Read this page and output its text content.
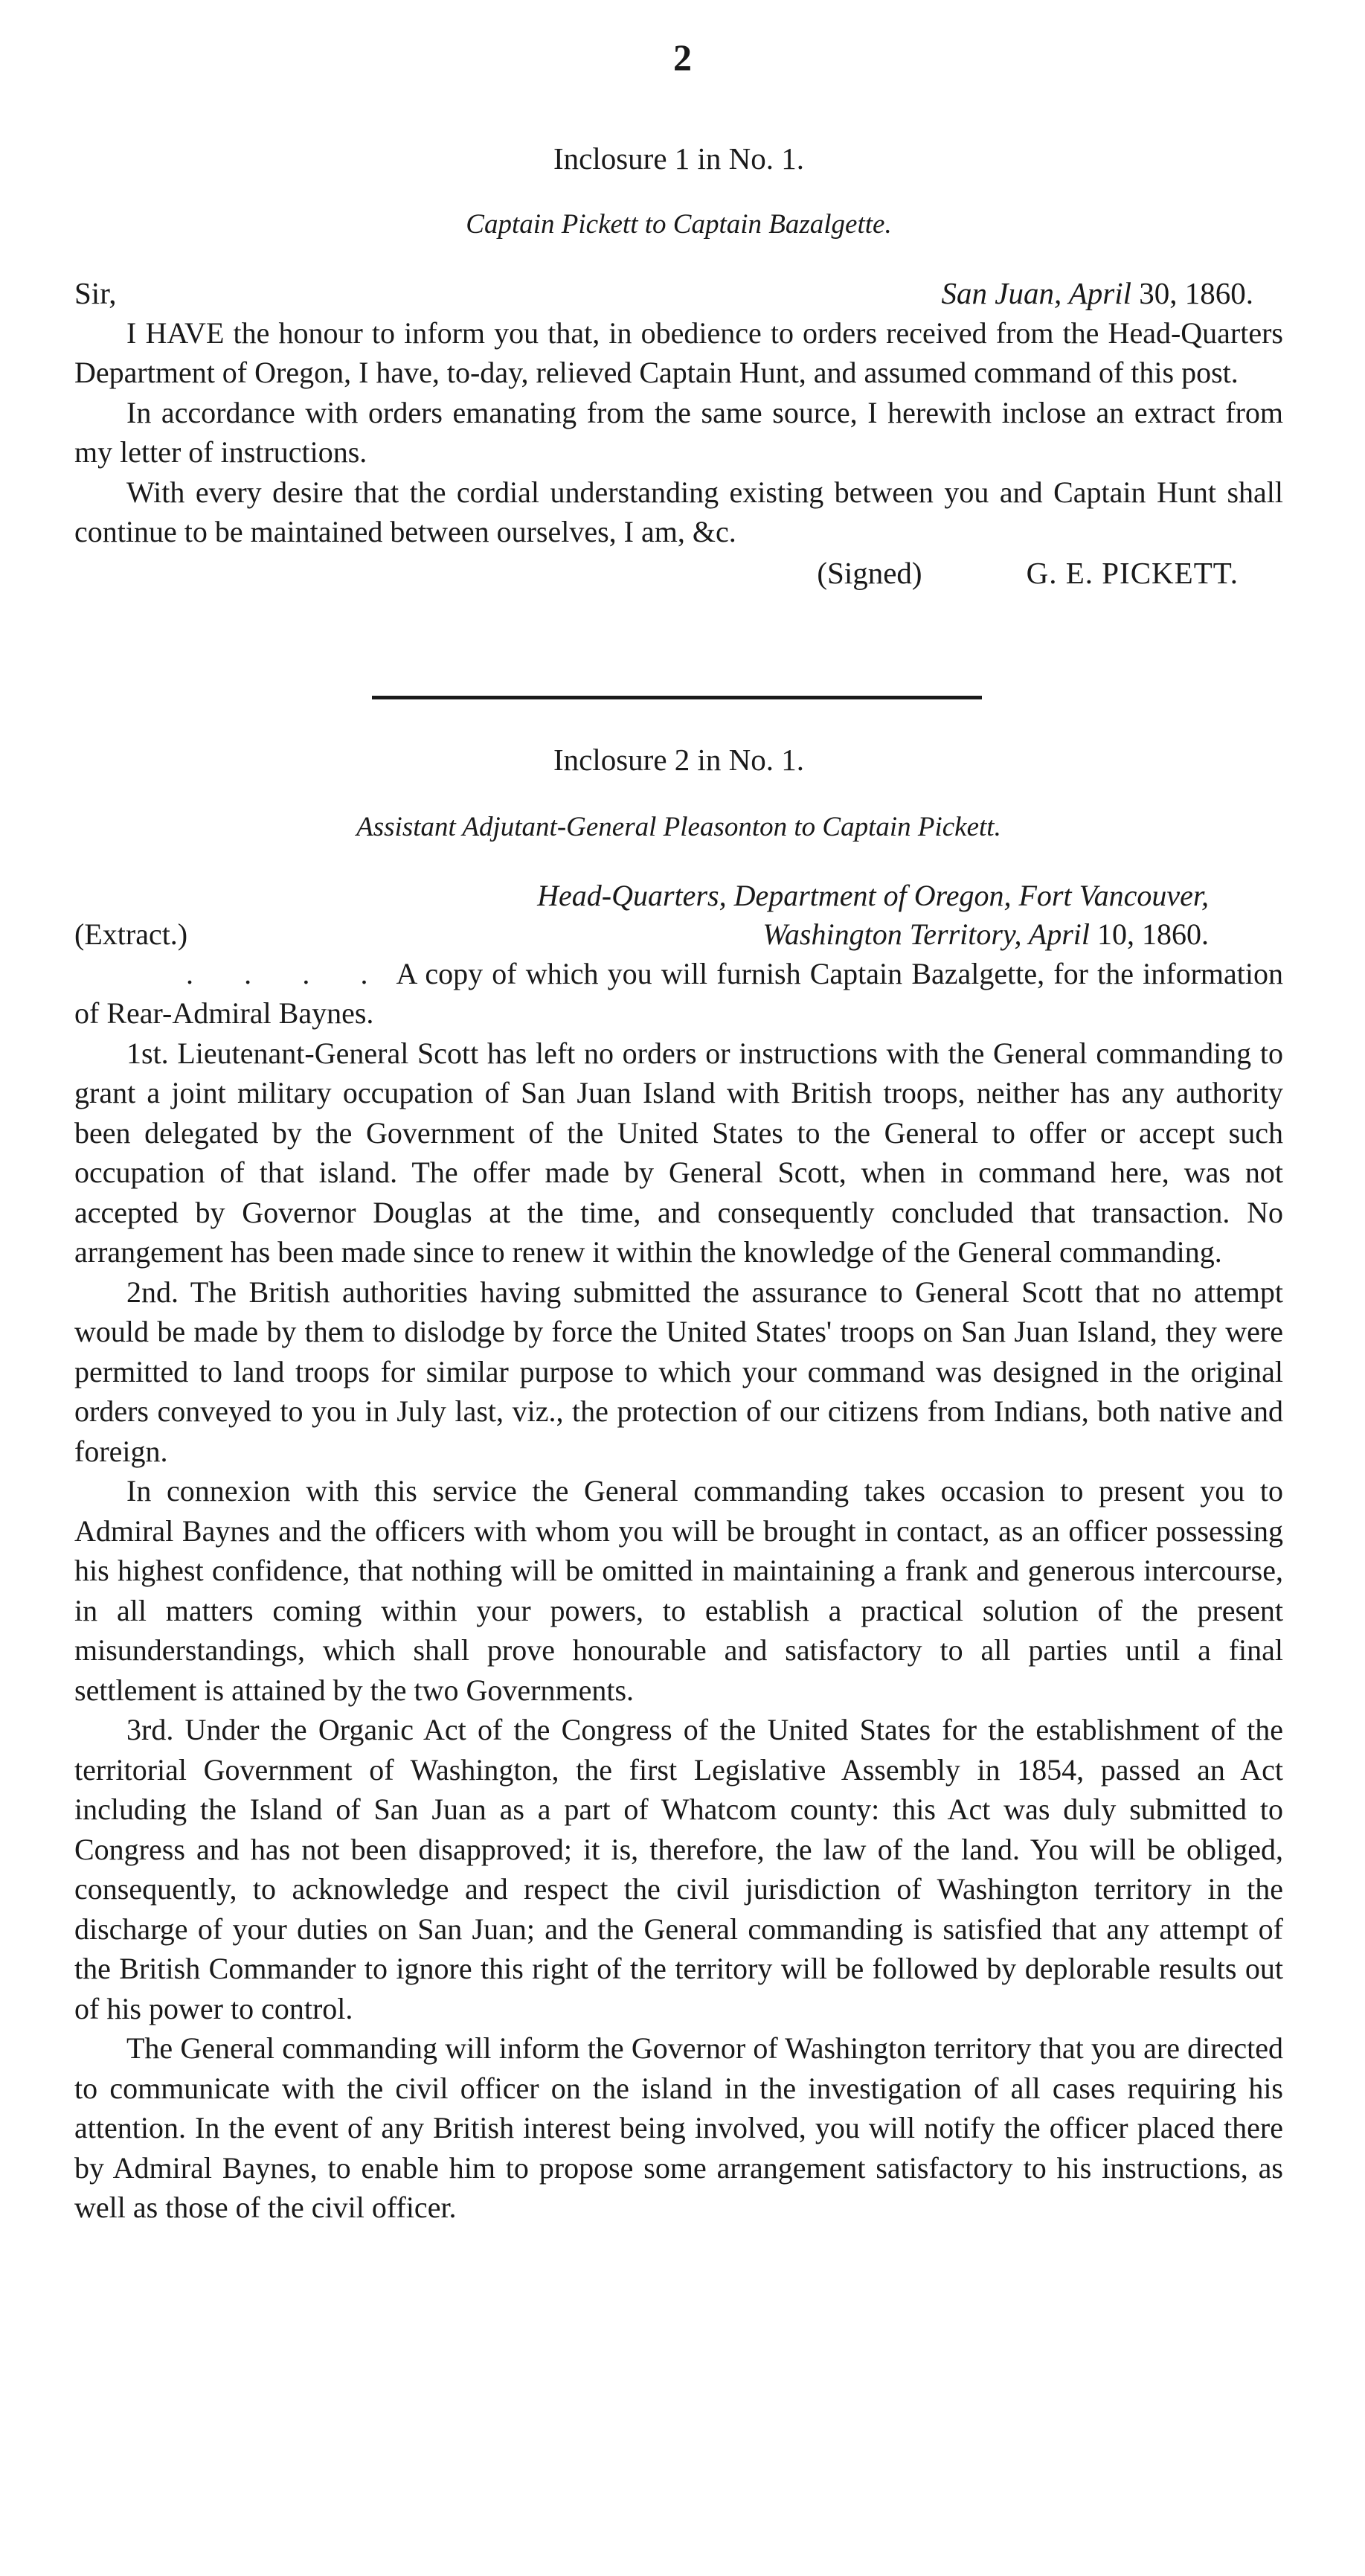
2

Inclosure 1 in No. 1.

Captain Pickett to Captain Bazalgette.

Sir,	San Juan, April 30, 1860.

I HAVE the honour to inform you that, in obedience to orders received from the Head-Quarters Department of Oregon, I have, to-day, relieved Captain Hunt, and assumed command of this post.

In accordance with orders emanating from the same source, I herewith inclose an extract from my letter of instructions.

With every desire that the cordial understanding existing between you and Captain Hunt shall continue to be maintained between ourselves, I am, &c.

(Signed)	G. E. PICKETT.

Inclosure 2 in No. 1.

Assistant Adjutant-General Pleasonton to Captain Pickett.

(Extract.)
Head-Quarters, Department of Oregon, Fort Vancouver,
Washington Territory, April 10, 1860.

. . . . A copy of which you will furnish Captain Bazalgette, for the information of Rear-Admiral Baynes.

1st. Lieutenant-General Scott has left no orders or instructions with the General commanding to grant a joint military occupation of San Juan Island with British troops, neither has any authority been delegated by the Government of the United States to the General to offer or accept such occupation of that island. The offer made by General Scott, when in command here, was not accepted by Governor Douglas at the time, and consequently concluded that transaction. No arrangement has been made since to renew it within the knowledge of the General commanding.

2nd. The British authorities having submitted the assurance to General Scott that no attempt would be made by them to dislodge by force the United States' troops on San Juan Island, they were permitted to land troops for similar purpose to which your command was designed in the original orders conveyed to you in July last, viz., the protection of our citizens from Indians, both native and foreign.

In connexion with this service the General commanding takes occasion to present you to Admiral Baynes and the officers with whom you will be brought in contact, as an officer possessing his highest confidence, that nothing will be omitted in maintaining a frank and generous intercourse, in all matters coming within your powers, to establish a practical solution of the present misunderstandings, which shall prove honourable and satisfactory to all parties until a final settlement is attained by the two Governments.

3rd. Under the Organic Act of the Congress of the United States for the establishment of the territorial Government of Washington, the first Legislative Assembly in 1854, passed an Act including the Island of San Juan as a part of Whatcom county: this Act was duly submitted to Congress and has not been disapproved; it is, therefore, the law of the land. You will be obliged, consequently, to acknowledge and respect the civil jurisdiction of Washington territory in the discharge of your duties on San Juan; and the General commanding is satisfied that any attempt of the British Commander to ignore this right of the territory will be followed by deplorable results out of his power to control.

The General commanding will inform the Governor of Washington territory that you are directed to communicate with the civil officer on the island in the investigation of all cases requiring his attention. In the event of any British interest being involved, you will notify the officer placed there by Admiral Baynes, to enable him to propose some arrangement satisfactory to his instructions, as well as those of the civil officer.
